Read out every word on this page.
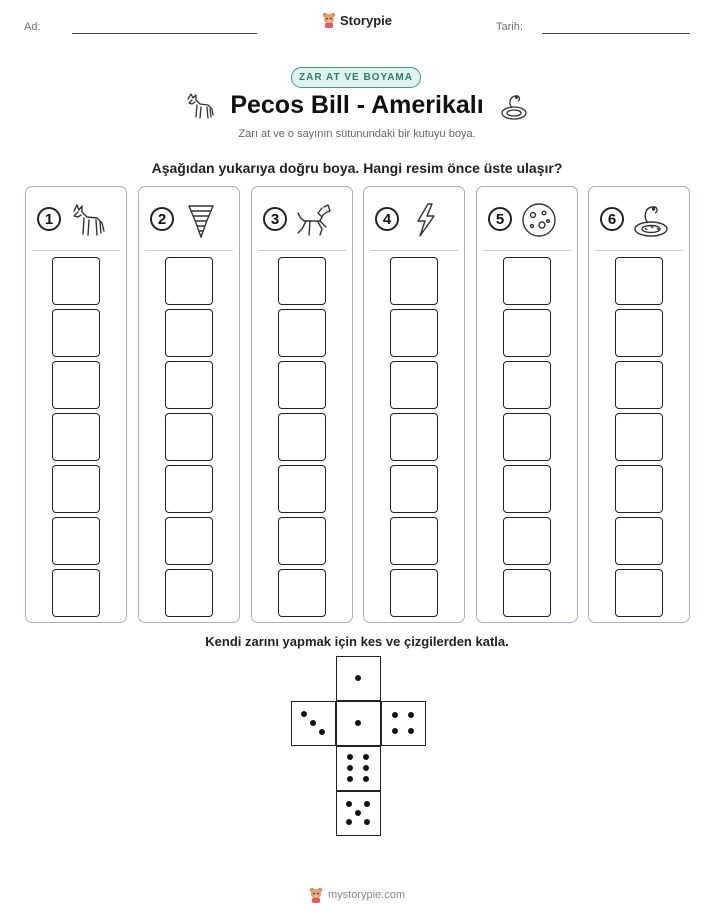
Ad:	Storypie	Tarih:
ZAR AT VE BOYAMA
Pecos Bill - Amerikalı
Zarı at ve o sayının sütunundaki bir kutuyu boya.
Aşağıdan yukarıya doğru boya. Hangi resim önce üste ulaşır?
1	2	3	4	5	6
Kendi zarını yapmak için kes ve çizgilerden katla.
mystorypie.com
